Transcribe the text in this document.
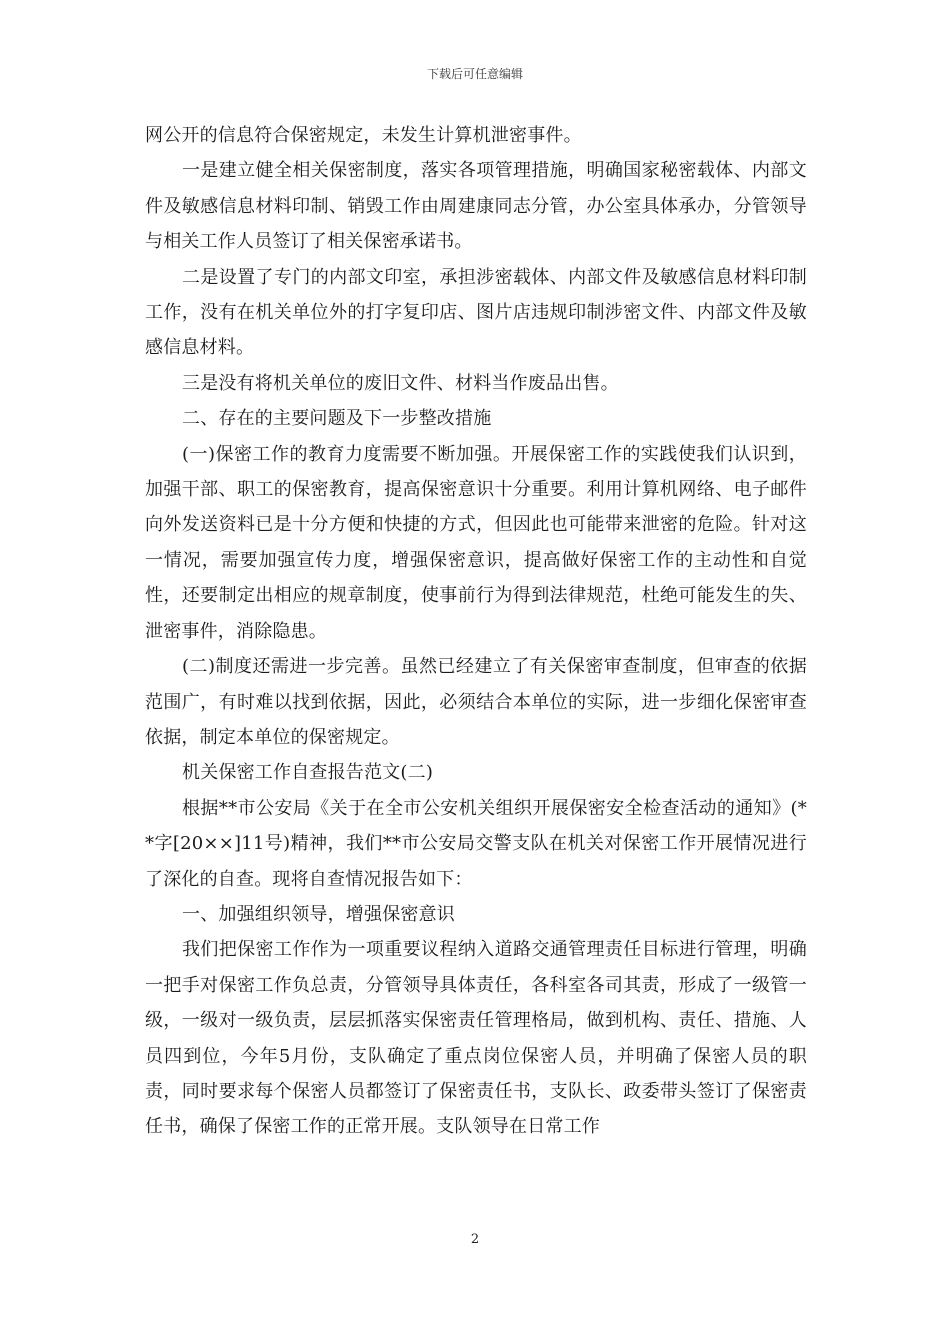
下载后可任意编辑

网公开的信息符合保密规定，未发生计算机泄密事件。

一是建立健全相关保密制度，落实各项管理措施，明确国家秘密载体、内部文件及敏感信息材料印制、销毁工作由周建康同志分管，办公室具体承办，分管领导与相关工作人员签订了相关保密承诺书。

二是设置了专门的内部文印室，承担涉密载体、内部文件及敏感信息材料印制工作，没有在机关单位外的打字复印店、图片店违规印制涉密文件、内部文件及敏感信息材料。

三是没有将机关单位的废旧文件、材料当作废品出售。

二、存在的主要问题及下一步整改措施

(一)保密工作的教育力度需要不断加强。开展保密工作的实践使我们认识到，加强干部、职工的保密教育，提高保密意识十分重要。利用计算机网络、电子邮件向外发送资料已是十分方便和快捷的方式，但因此也可能带来泄密的危险。针对这一情况，需要加强宣传力度，增强保密意识，提高做好保密工作的主动性和自觉性，还要制定出相应的规章制度，使事前行为得到法律规范，杜绝可能发生的失、泄密事件，消除隐患。

(二)制度还需进一步完善。虽然已经建立了有关保密审查制度，但审查的依据范围广，有时难以找到依据，因此，必须结合本单位的实际，进一步细化保密审查依据，制定本单位的保密规定。

机关保密工作自查报告范文(二)

根据**市公安局《关于在全市公安机关组织开展保密安全检查活动的通知》(**字[20××]11号)精神，我们**市公安局交警支队在机关对保密工作开展情况进行了深化的自查。现将自查情况报告如下：

一、加强组织领导，增强保密意识

我们把保密工作作为一项重要议程纳入道路交通管理责任目标进行管理，明确一把手对保密工作负总责，分管领导具体责任，各科室各司其责，形成了一级管一级，一级对一级负责，层层抓落实保密责任管理格局，做到机构、责任、措施、人员四到位，今年5月份，支队确定了重点岗位保密人员，并明确了保密人员的职责，同时要求每个保密人员都签订了保密责任书，支队长、政委带头签订了保密责任书，确保了保密工作的正常开展。支队领导在日常工作

2
